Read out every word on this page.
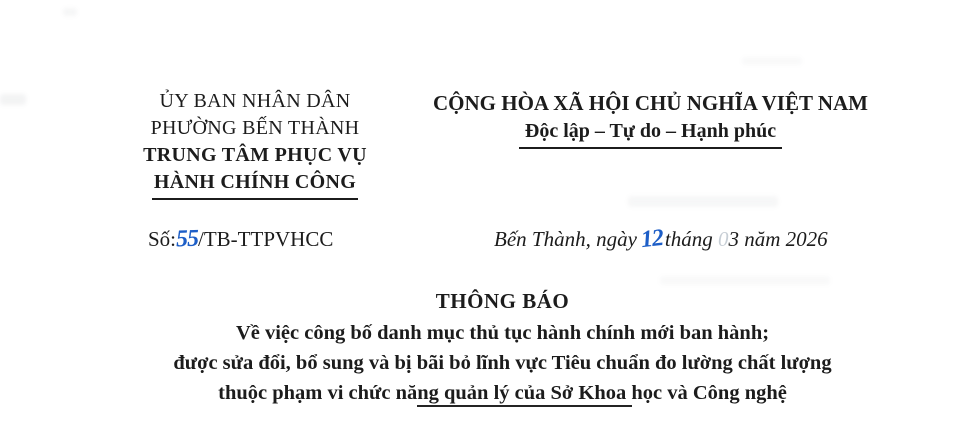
ỦY BAN NHÂN DÂN
PHƯỜNG BẾN THÀNH
TRUNG TÂM PHỤC VỤ
HÀNH CHÍNH CÔNG
CỘNG HÒA XÃ HỘI CHỦ NGHĨA VIỆT NAM
Độc lập – Tự do – Hạnh phúc
Số:55/TB-TTPVHCC	Bến Thành, ngày 12tháng 03 năm 2026
THÔNG BÁO
Về việc công bố danh mục thủ tục hành chính mới ban hành;
được sửa đổi, bổ sung và bị bãi bỏ lĩnh vực Tiêu chuẩn đo lường chất lượng
thuộc phạm vi chức năng quản lý của Sở Khoa học và Công nghệ
